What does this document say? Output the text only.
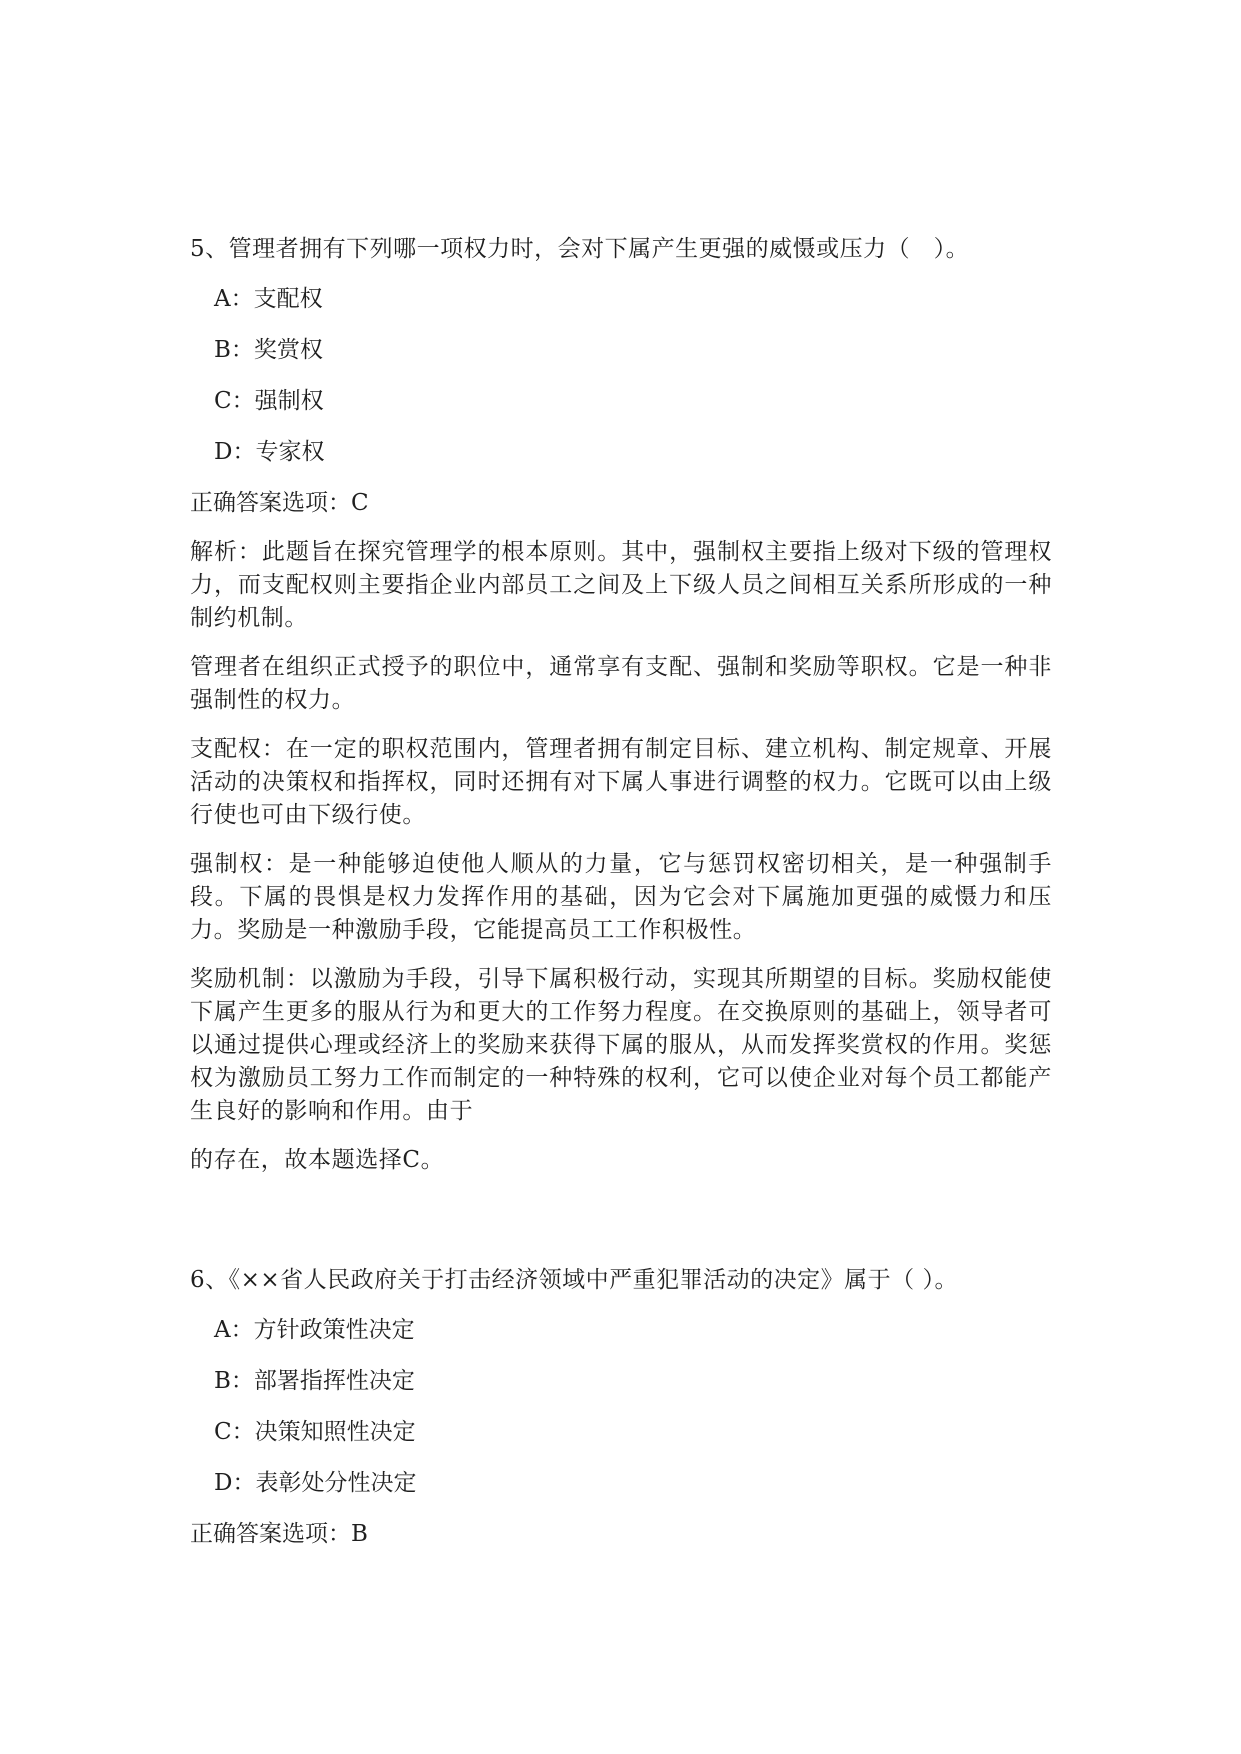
5、管理者拥有下列哪一项权力时，会对下属产生更强的威慑或压力（　）。
A：支配权
B：奖赏权
C：强制权
D：专家权
正确答案选项：C
解析：此题旨在探究管理学的根本原则。其中，强制权主要指上级对下级的管理权力，而支配权则主要指企业内部员工之间及上下级人员之间相互关系所形成的一种制约机制。
管理者在组织正式授予的职位中，通常享有支配、强制和奖励等职权。它是一种非强制性的权力。
支配权：在一定的职权范围内，管理者拥有制定目标、建立机构、制定规章、开展活动的决策权和指挥权，同时还拥有对下属人事进行调整的权力。它既可以由上级行使也可由下级行使。
强制权：是一种能够迫使他人顺从的力量，它与惩罚权密切相关，是一种强制手段。下属的畏惧是权力发挥作用的基础，因为它会对下属施加更强的威慑力和压力。奖励是一种激励手段，它能提高员工工作积极性。
奖励机制：以激励为手段，引导下属积极行动，实现其所期望的目标。奖励权能使下属产生更多的服从行为和更大的工作努力程度。在交换原则的基础上，领导者可以通过提供心理或经济上的奖励来获得下属的服从，从而发挥奖赏权的作用。奖惩权为激励员工努力工作而制定的一种特殊的权利，它可以使企业对每个员工都能产生良好的影响和作用。由于
的存在，故本题选择C。
6、《××省人民政府关于打击经济领域中严重犯罪活动的决定》属于（ ）。
A：方针政策性决定
B：部署指挥性决定
C：决策知照性决定
D：表彰处分性决定
正确答案选项：B
